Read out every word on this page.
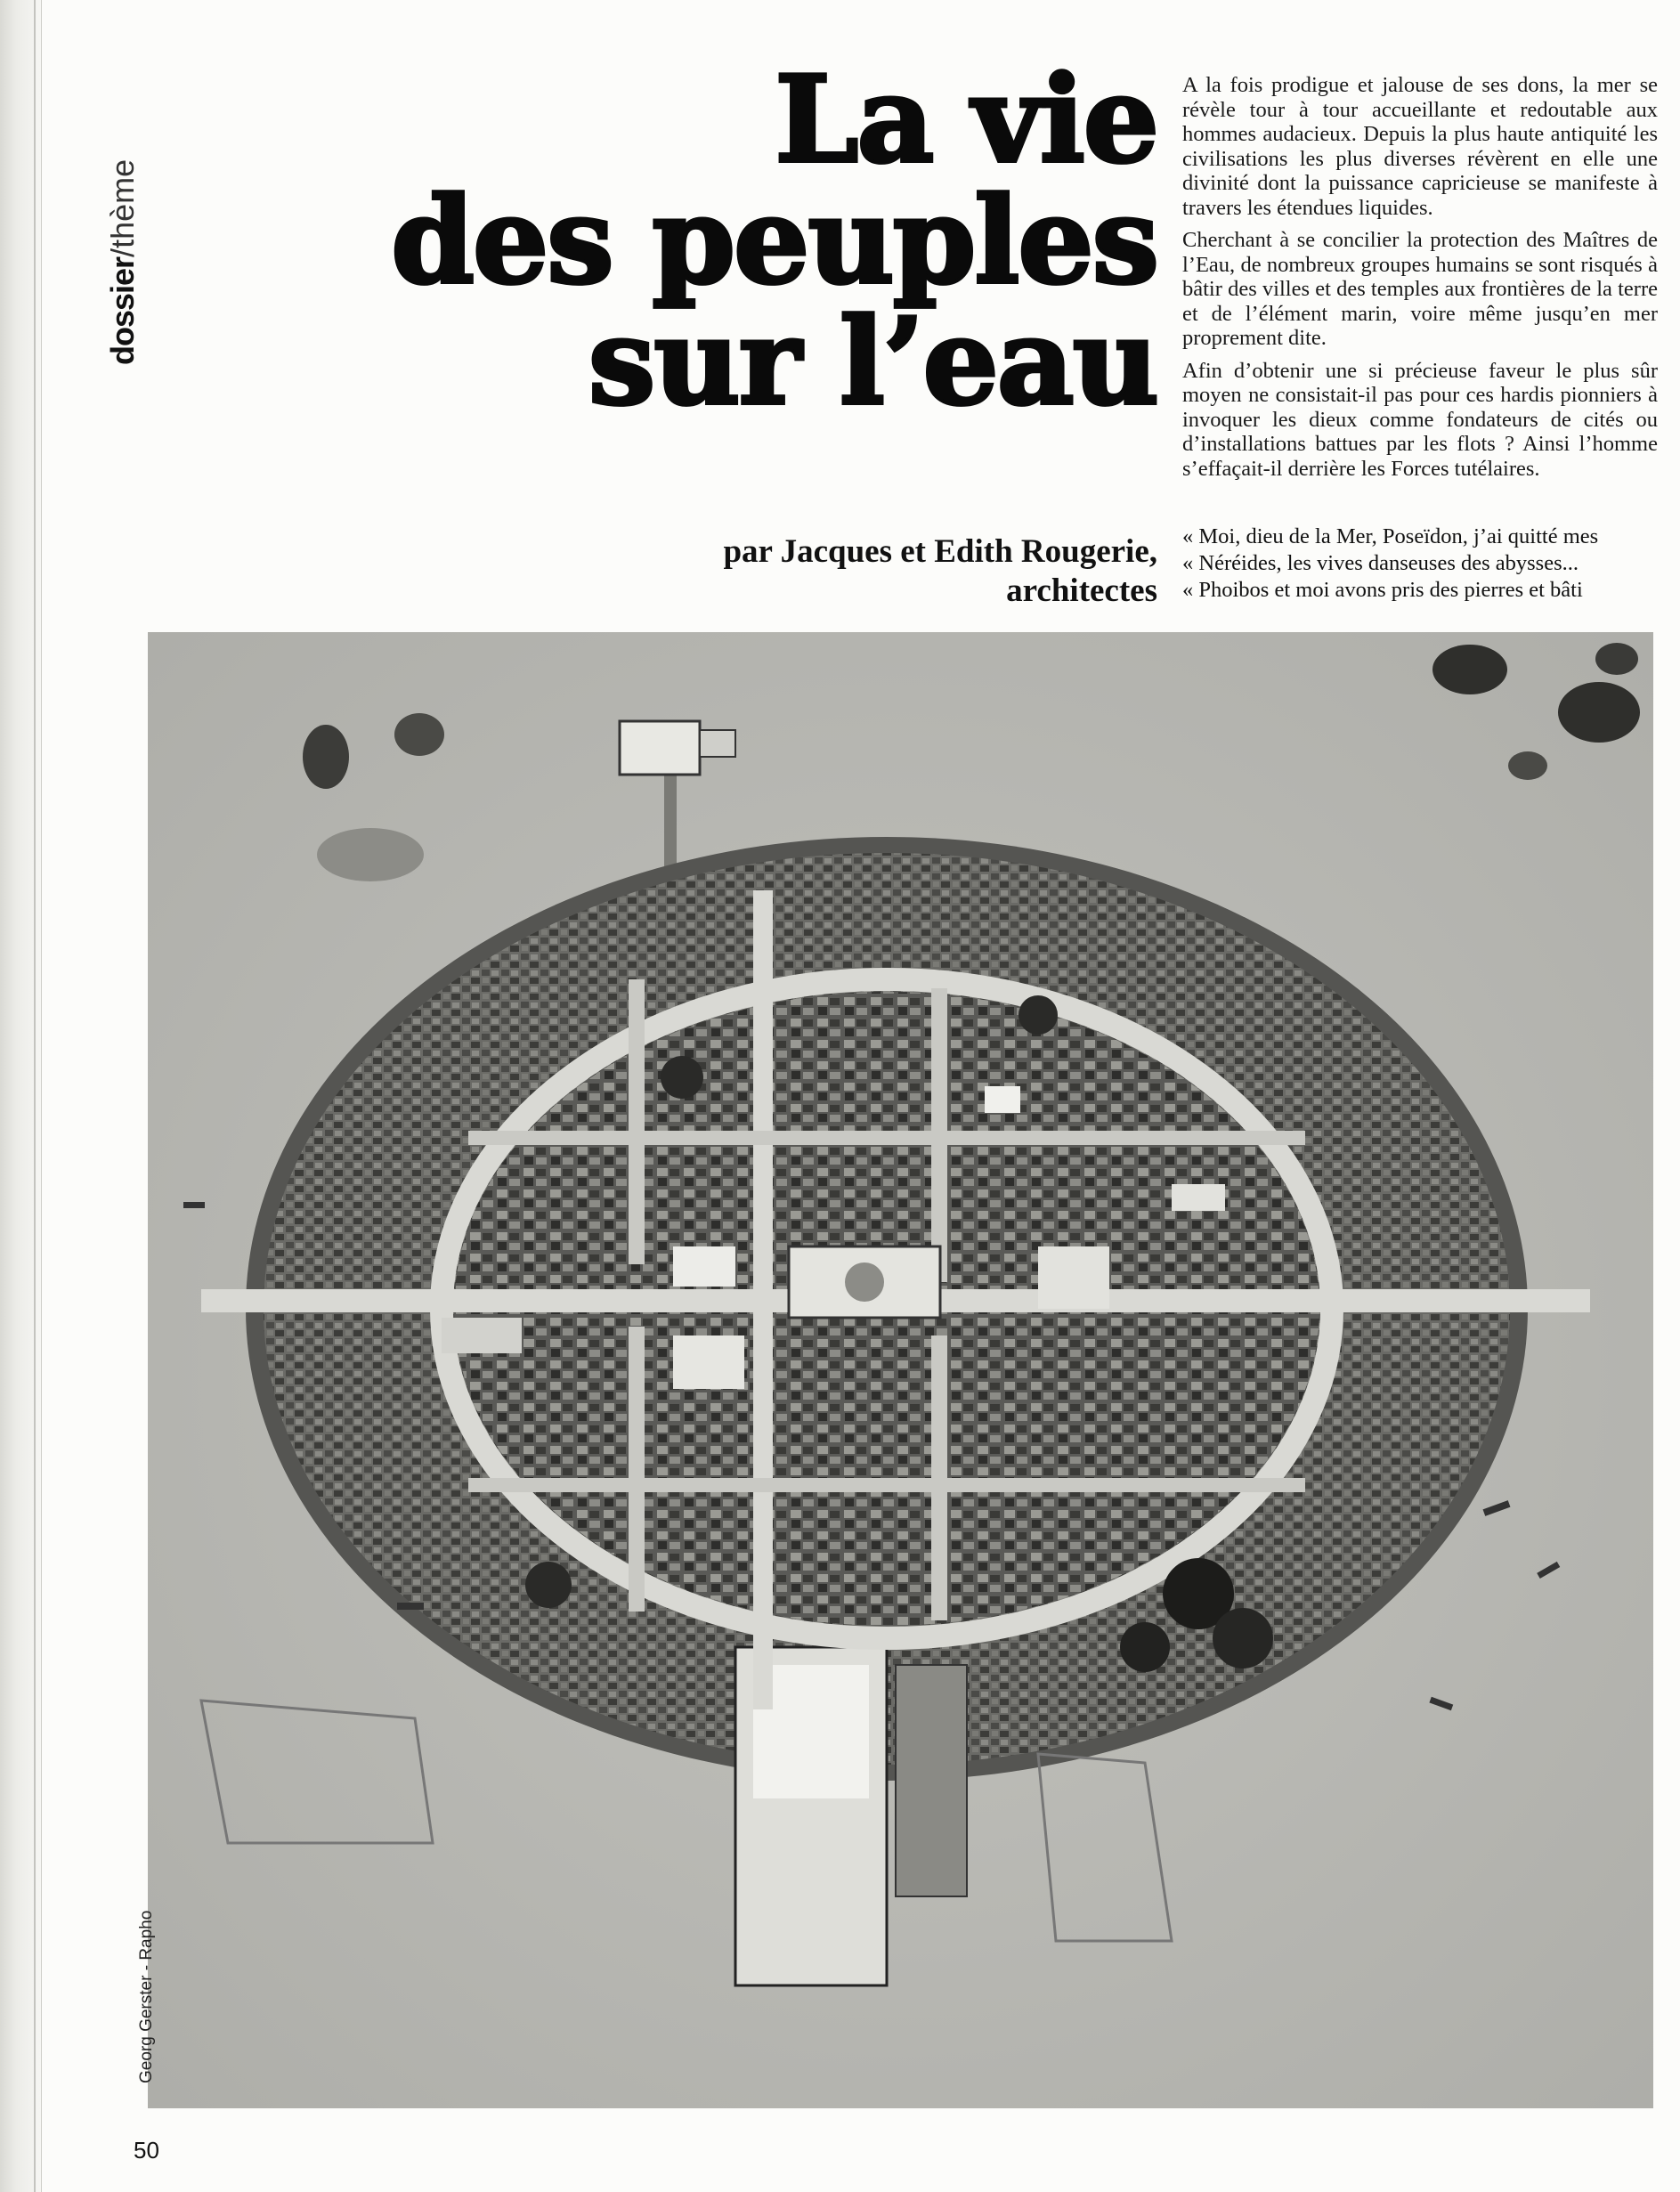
dossier/thème
La vie
des peuples
sur l’eau
par Jacques et Edith Rougerie,
architectes

A la fois prodigue et jalouse de ses dons, la mer se révèle tour à tour accueillante et redoutable aux hommes audacieux. Depuis la plus haute antiquité les civilisations les plus diverses révèrent en elle une divinité dont la puissance capricieuse se manifeste à travers les étendues liquides.

Cherchant à se concilier la protection des Maîtres de l’Eau, de nombreux groupes humains se sont risqués à bâtir des villes et des temples aux frontières de la terre et de l’élément marin, voire même jusqu’en mer proprement dite.

Afin d’obtenir une si précieuse faveur le plus sûr moyen ne consistait-il pas pour ces hardis pionniers à invoquer les dieux comme fondateurs de cités ou d’installations battues par les flots ? Ainsi l’homme s’effaçait-il derrière les Forces tutélaires.

« Moi, dieu de la Mer, Poseïdon, j’ai quitté mes
« Néréides, les vives danseuses des abysses...
« Phoibos et moi avons pris des pierres et bâti
Georg Gerster - Rapho
50
